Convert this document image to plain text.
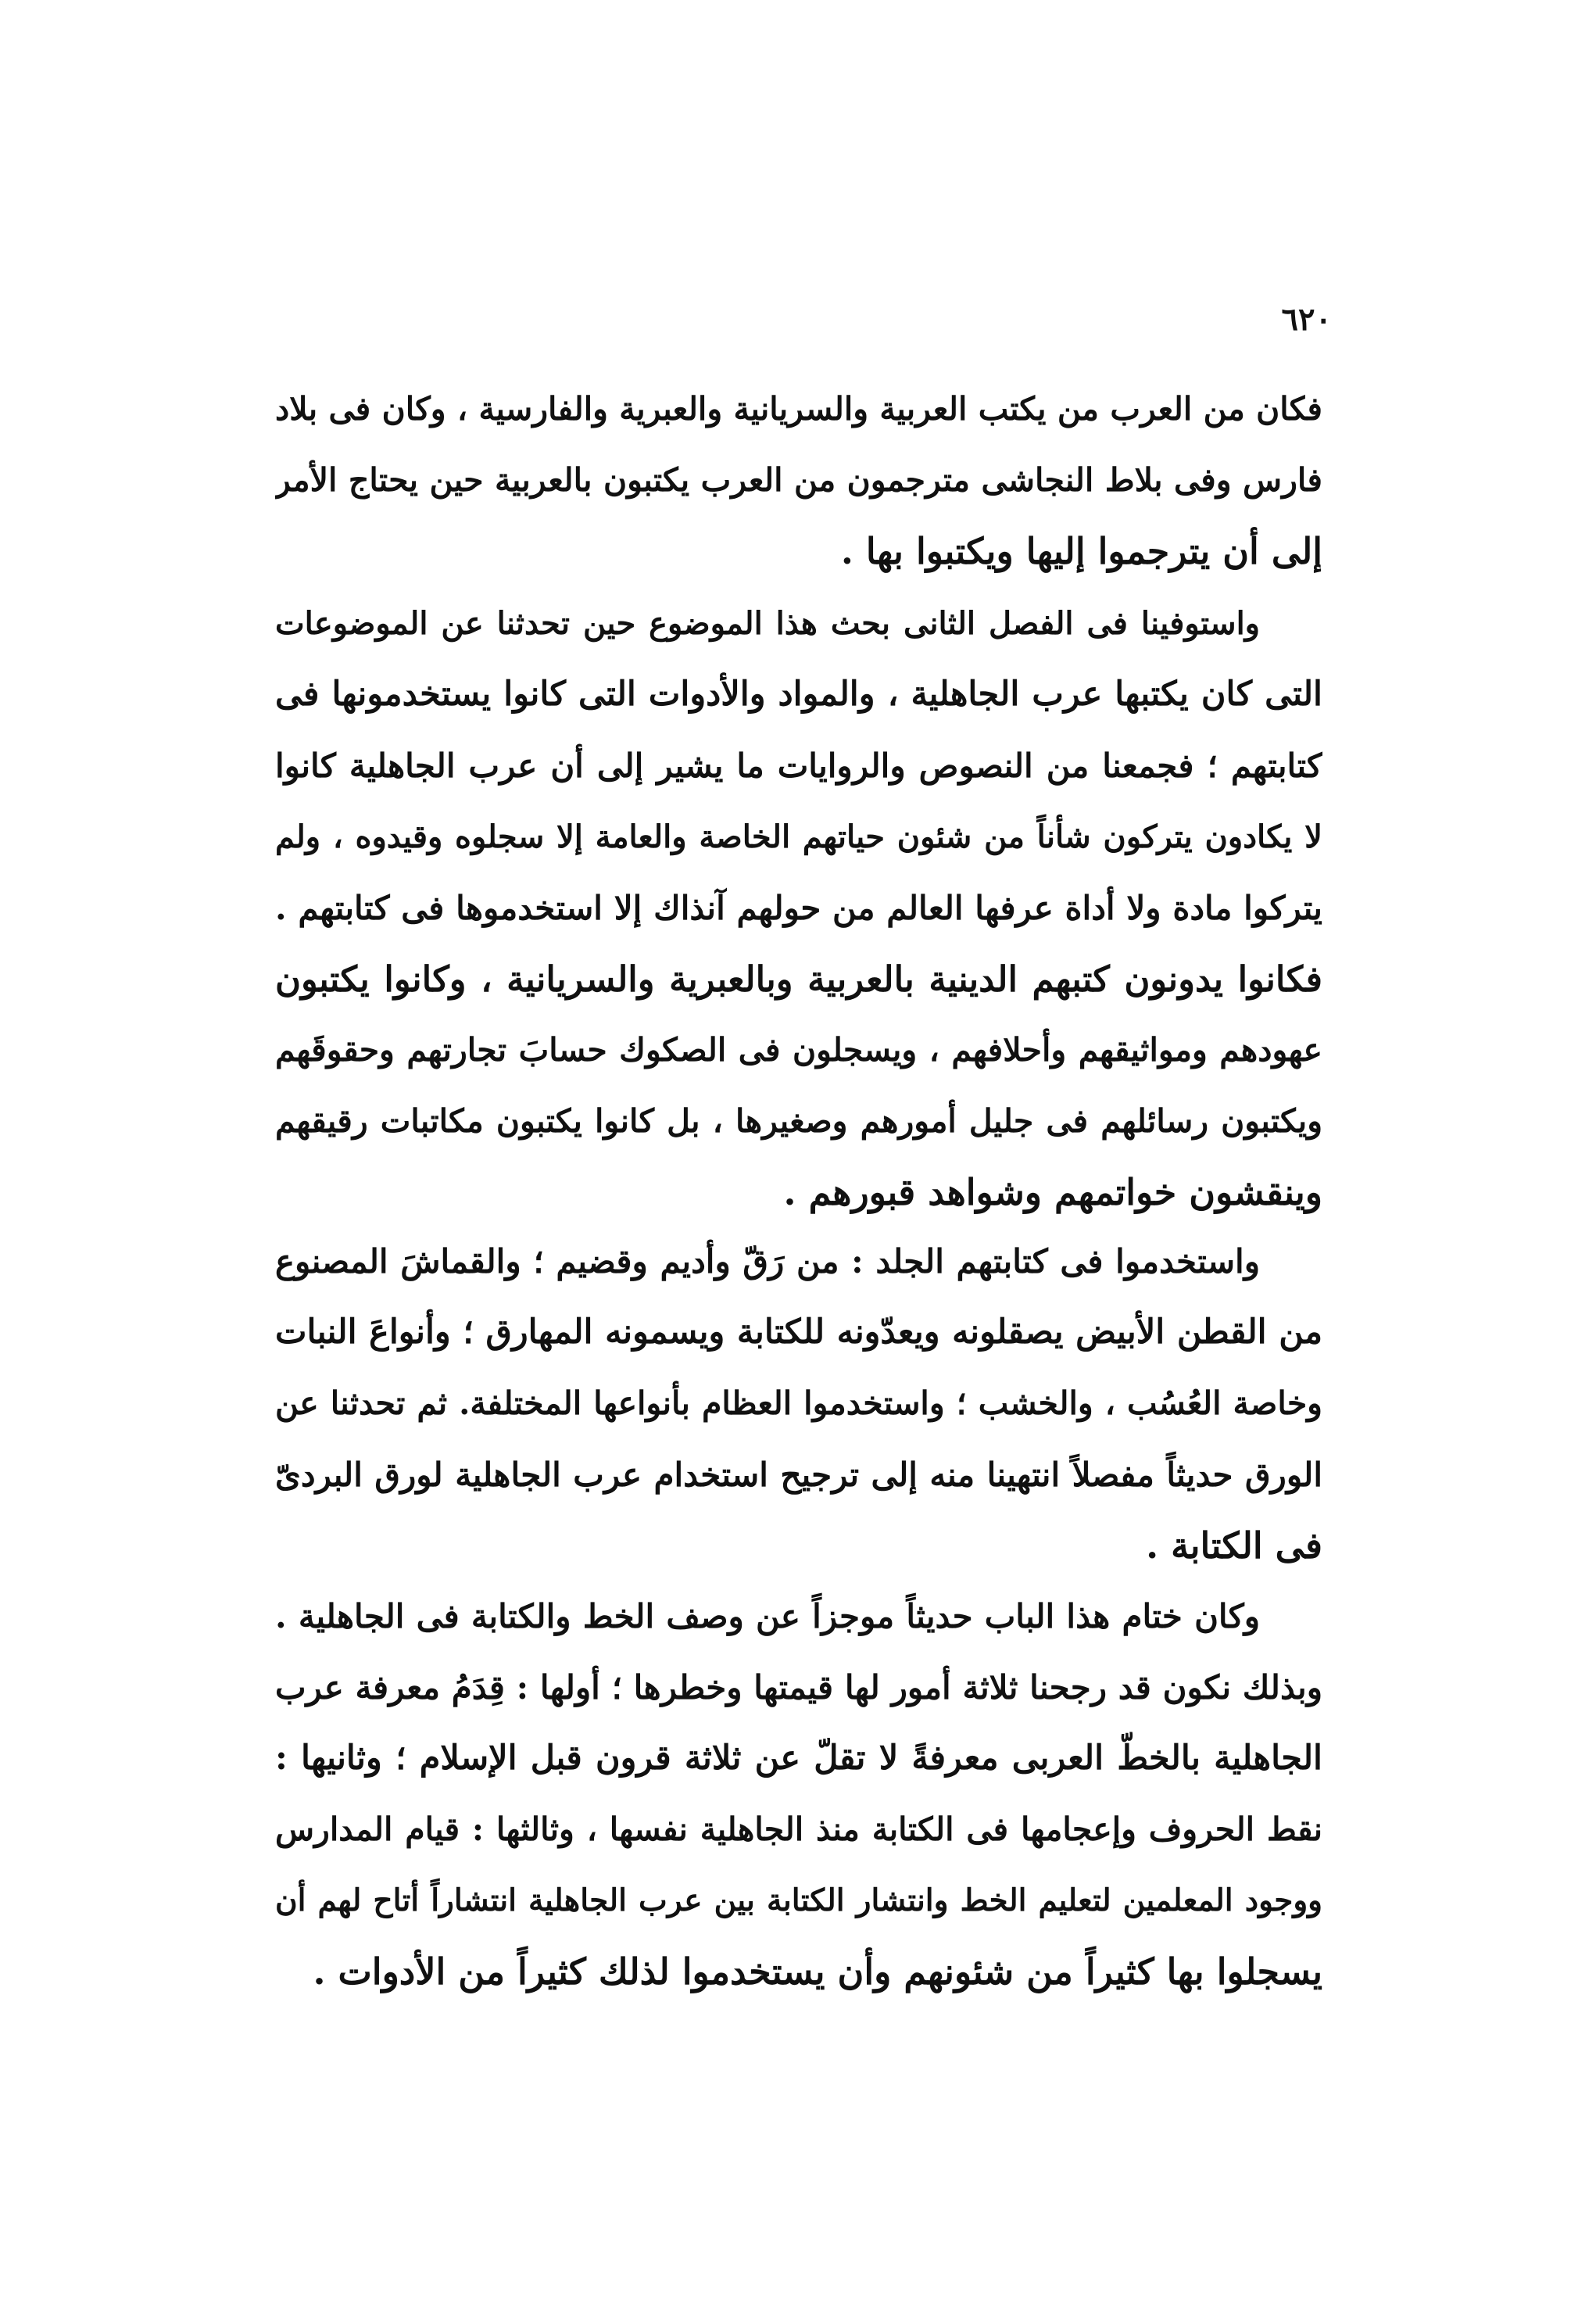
٦٢٠
فكان من العرب من يكتب العربية والسريانية والعبرية والفارسية ، وكان فى بلاد
فارس وفى بلاط النجاشى مترجمون من العرب يكتبون بالعربية حين يحتاج الأمر
إلى أن يترجموا إليها ويكتبوا بها .
واستوفينا فى الفصل الثانى بحث هذا الموضوع حين تحدثنا عن الموضوعات
التى كان يكتبها عرب الجاهلية ، والمواد والأدوات التى كانوا يستخدمونها فى
كتابتهم ؛ فجمعنا من النصوص والروايات ما يشير إلى أن عرب الجاهلية كانوا
لا يكادون يتركون شأناً من شئون حياتهم الخاصة والعامة إلا سجلوه وقيدوه ، ولم
يتركوا مادة ولا أداة عرفها العالم من حولهم آنذاك إلا استخدموها فى كتابتهم .
فكانوا يدونون كتبهم الدينية بالعربية وبالعبرية والسريانية ، وكانوا يكتبون
عهودهم ومواثيقهم وأحلافهم ، ويسجلون فى الصكوك حسابَ تجارتهم وحقوقَهم
ويكتبون رسائلهم فى جليل أمورهم وصغيرها ، بل كانوا يكتبون مكاتبات رقيقهم
وينقشون خواتمهم وشواهد قبورهم .
واستخدموا فى كتابتهم الجلد : من رَقّ وأديم وقضيم ؛ والقماشَ المصنوع
من القطن الأبيض يصقلونه ويعدّونه للكتابة ويسمونه المهارق ؛ وأنواعَ النبات
وخاصة العُسُب ، والخشب ؛ واستخدموا العظام بأنواعها المختلفة. ثم تحدثنا عن
الورق حديثاً مفصلاً انتهينا منه إلى ترجيح استخدام عرب الجاهلية لورق البردىّ
فى الكتابة .
وكان ختام هذا الباب حديثاً موجزاً عن وصف الخط والكتابة فى الجاهلية .
وبذلك نكون قد رجحنا ثلاثة أمور لها قيمتها وخطرها ؛ أولها : قِدَمُ معرفة عرب
الجاهلية بالخطّ العربى معرفةً لا تقلّ عن ثلاثة قرون قبل الإسلام ؛ وثانيها :
نقط الحروف وإعجامها فى الكتابة منذ الجاهلية نفسها ، وثالثها : قيام المدارس
ووجود المعلمين لتعليم الخط وانتشار الكتابة بين عرب الجاهلية انتشاراً أتاح لهم أن
يسجلوا بها كثيراً من شئونهم وأن يستخدموا لذلك كثيراً من الأدوات .
